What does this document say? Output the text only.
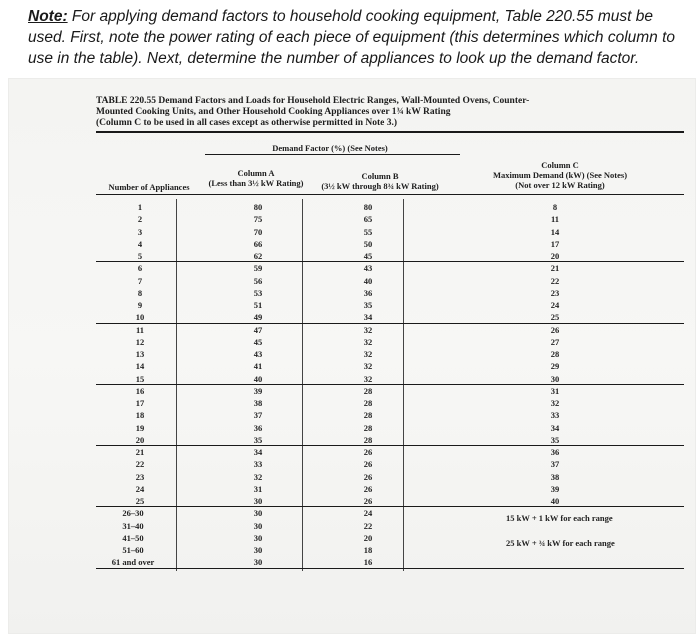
Note: For applying demand factors to household cooking equipment, Table 220.55 must be used. First, note the power rating of each piece of equipment (this determines which column to use in the table). Next, determine the number of appliances to look up the demand factor.
TABLE 220.55 Demand Factors and Loads for Household Electric Ranges, Wall-Mounted Ovens, Counter-Mounted Cooking Units, and Other Household Cooking Appliances over 1¾ kW Rating
(Column C to be used in all cases except as otherwise permitted in Note 3.)
Demand Factor (%) (See Notes)
Number of Appliances
Column A
(Less than 3½ kW Rating)
Column B
(3½ kW through 8¾ kW Rating)
Column C
Maximum Demand (kW) (See Notes)
(Not over 12 kW Rating)
1
2
3
4
5
6
7
8
9
10
11
12
13
14
15
16
17
18
19
20
21
22
23
24
25
26–30
31–40
41–50
51–60
61 and over
80
75
70
66
62
59
56
53
51
49
47
45
43
41
40
39
38
37
36
35
34
33
32
31
30
30
30
30
30
30
80
65
55
50
45
43
40
36
35
34
32
32
32
32
32
28
28
28
28
28
26
26
26
26
26
24
22
20
18
16
8
11
14
17
20
21
22
23
24
25
26
27
28
29
30
31
32
33
34
35
36
37
38
39
40
15 kW + 1 kW for each range
25 kW + ¾ kW for each range
